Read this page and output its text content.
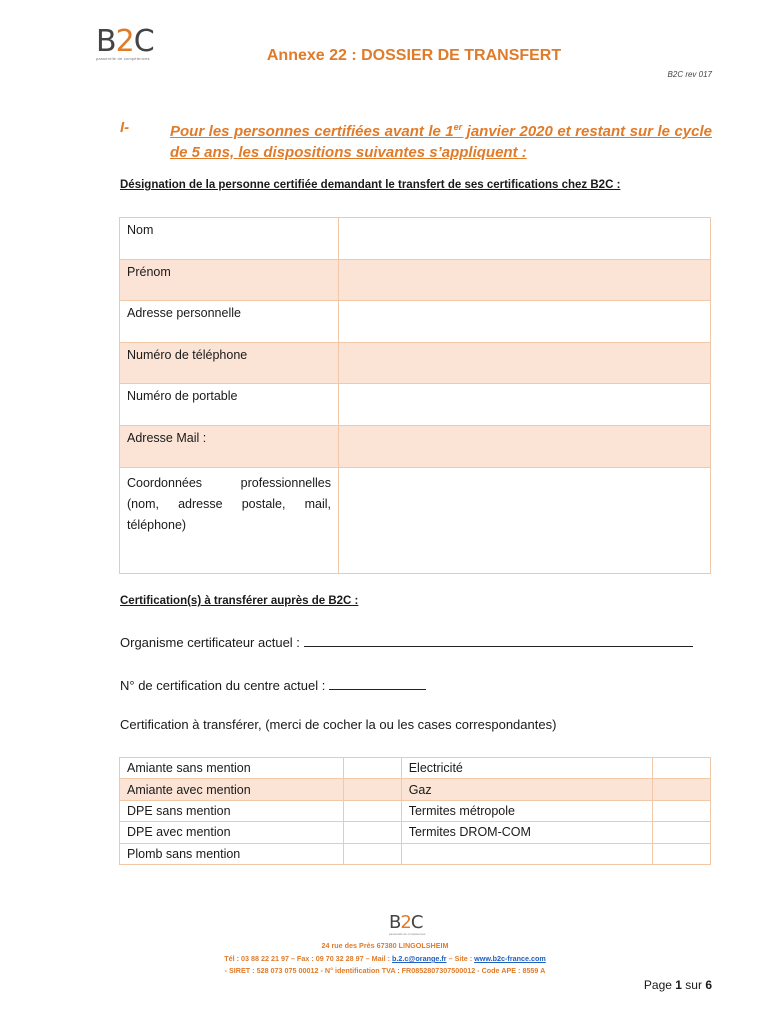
B2C
passerelle de compétences	Annexe 22 : DOSSIER DE TRANSFERT
B2C rev 017
I-	Pour les personnes certifiées avant le 1er janvier 2020 et restant sur le cycle de 5 ans, les dispositions suivantes s’appliquent :
Désignation de la personne certifiée demandant le transfert de ses certifications chez B2C :
Nom	
Prénom	
Adresse personnelle	
Numéro de téléphone	
Numéro de portable	
Adresse Mail :	
Coordonnées professionnelles (nom, adresse postale, mail, téléphone)	
Certification(s) à transférer auprès de B2C :
Organisme certificateur actuel :
N° de certification du centre actuel :
Certification à transférer, (merci de cocher la ou les cases correspondantes)
Amiante sans mention		Electricité	
Amiante avec mention		Gaz	
DPE sans mention		Termites métropole	
DPE avec mention		Termites DROM-COM	
Plomb sans mention			
B2C
passerelle de compétences
24 rue des Près 67380 LINGOLSHEIM
Tél : 03 88 22 21 97 – Fax : 09 70 32 28 97 – Mail : b.2.c@orange.fr – Site : www.b2c-france.com
- SIRET : 528 073 075 00012 - N° identification TVA : FR0852807307500012 - Code APE : 8559 A
Page 1 sur 6
